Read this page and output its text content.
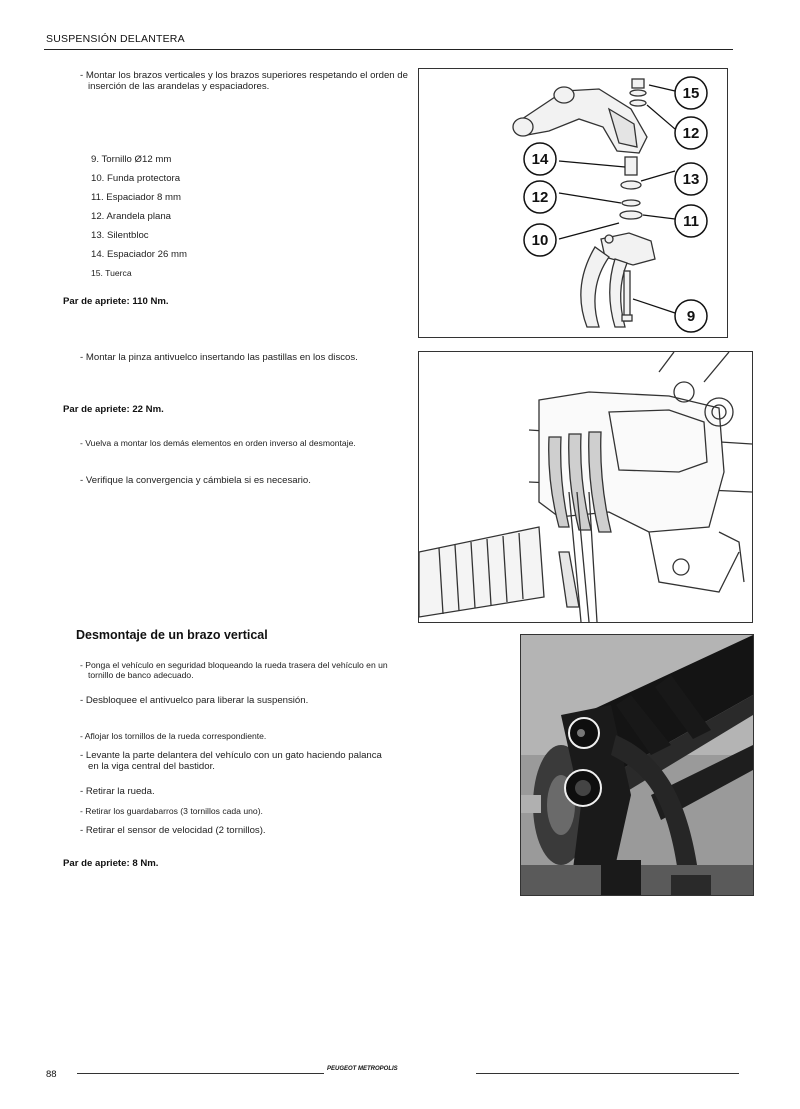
SUSPENSIÓN DELANTERA
- Montar los brazos verticales y los brazos superiores respetando el orden de inserción de las arandelas y espaciadores.
9. Tornillo Ø12 mm
10. Funda protectora
11. Espaciador 8 mm
12. Arandela plana
13. Silentbloc
14. Espaciador 26 mm
15. Tuerca
Par de apriete: 110 Nm.
15
12
14
13
12
11
10
9
- Montar la pinza antivuelco insertando las pastillas en los discos.
Par de apriete: 22 Nm.
- Vuelva a montar los demás elementos en orden inverso al desmontaje.
- Verifique la convergencia y cámbiela si es necesario.
Desmontaje de un brazo vertical
- Ponga el vehículo en seguridad bloqueando la rueda trasera del vehículo en un tornillo de banco adecuado.
- Desbloquee el antivuelco para liberar la suspensión.
- Aflojar los tornillos de la rueda correspondiente.
- Levante la parte delantera del vehículo con un gato haciendo palanca en la viga central del bastidor.
- Retirar la rueda.
- Retirar los guardabarros (3 tornillos cada uno).
- Retirar el sensor de velocidad (2 tornillos).
Par de apriete: 8 Nm.
88	PEUGEOT METROPOLIS
